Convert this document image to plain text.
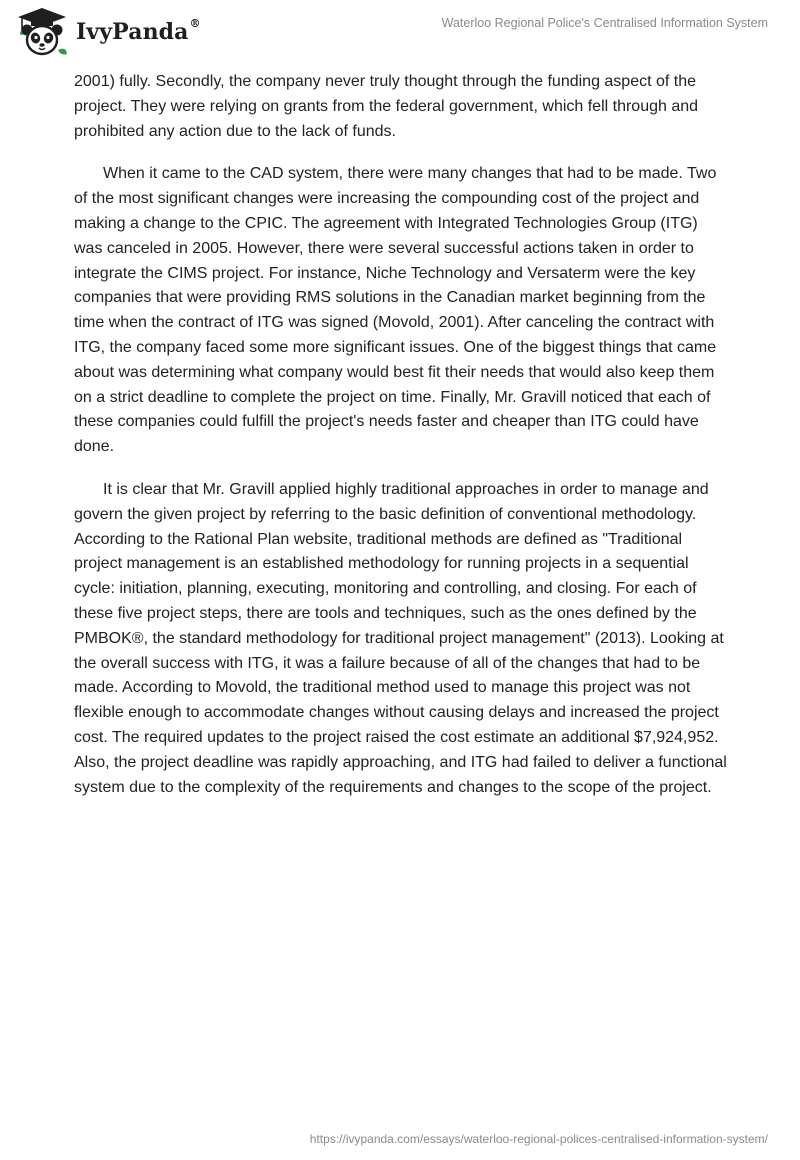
IvyPanda®	Waterloo Regional Police's Centralised Information System

2001) fully. Secondly, the company never truly thought through the funding aspect of the project. They were relying on grants from the federal government, which fell through and prohibited any action due to the lack of funds.

When it came to the CAD system, there were many changes that had to be made. Two of the most significant changes were increasing the compounding cost of the project and making a change to the CPIC. The agreement with Integrated Technologies Group (ITG) was canceled in 2005. However, there were several successful actions taken in order to integrate the CIMS project. For instance, Niche Technology and Versaterm were the key companies that were providing RMS solutions in the Canadian market beginning from the time when the contract of ITG was signed (Movold, 2001). After canceling the contract with ITG, the company faced some more significant issues. One of the biggest things that came about was determining what company would best fit their needs that would also keep them on a strict deadline to complete the project on time. Finally, Mr. Gravill noticed that each of these companies could fulfill the project's needs faster and cheaper than ITG could have done.

It is clear that Mr. Gravill applied highly traditional approaches in order to manage and govern the given project by referring to the basic definition of conventional methodology. According to the Rational Plan website, traditional methods are defined as "Traditional project management is an established methodology for running projects in a sequential cycle: initiation, planning, executing, monitoring and controlling, and closing. For each of these five project steps, there are tools and techniques, such as the ones defined by the PMBOK®, the standard methodology for traditional project management" (2013). Looking at the overall success with ITG, it was a failure because of all of the changes that had to be made. According to Movold, the traditional method used to manage this project was not flexible enough to accommodate changes without causing delays and increased the project cost. The required updates to the project raised the cost estimate an additional $7,924,952. Also, the project deadline was rapidly approaching, and ITG had failed to deliver a functional system due to the complexity of the requirements and changes to the scope of the project.

https://ivypanda.com/essays/waterloo-regional-polices-centralised-information-system/
